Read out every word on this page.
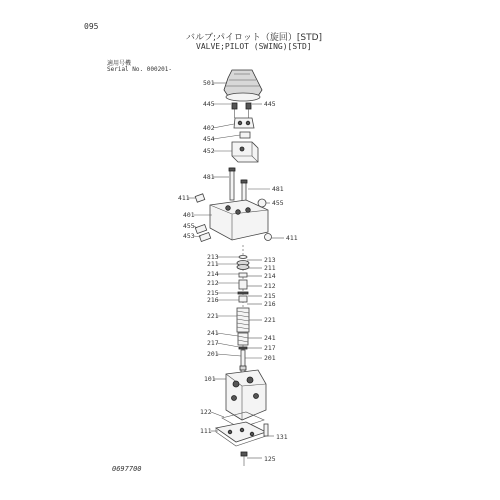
095
バルブ;パイロット（旋回）[STD]
VALVE;PILOT (SWING)[STD]
適用号機
Serial No. 000201-
0697700
501
445	445
402
454
452
481
481
411
455
401
455
453	411
213
211	213
211
214	214
212	212
215	215
216	216
221	221
241
241
217
217
201	201
101
122
111
131
125
